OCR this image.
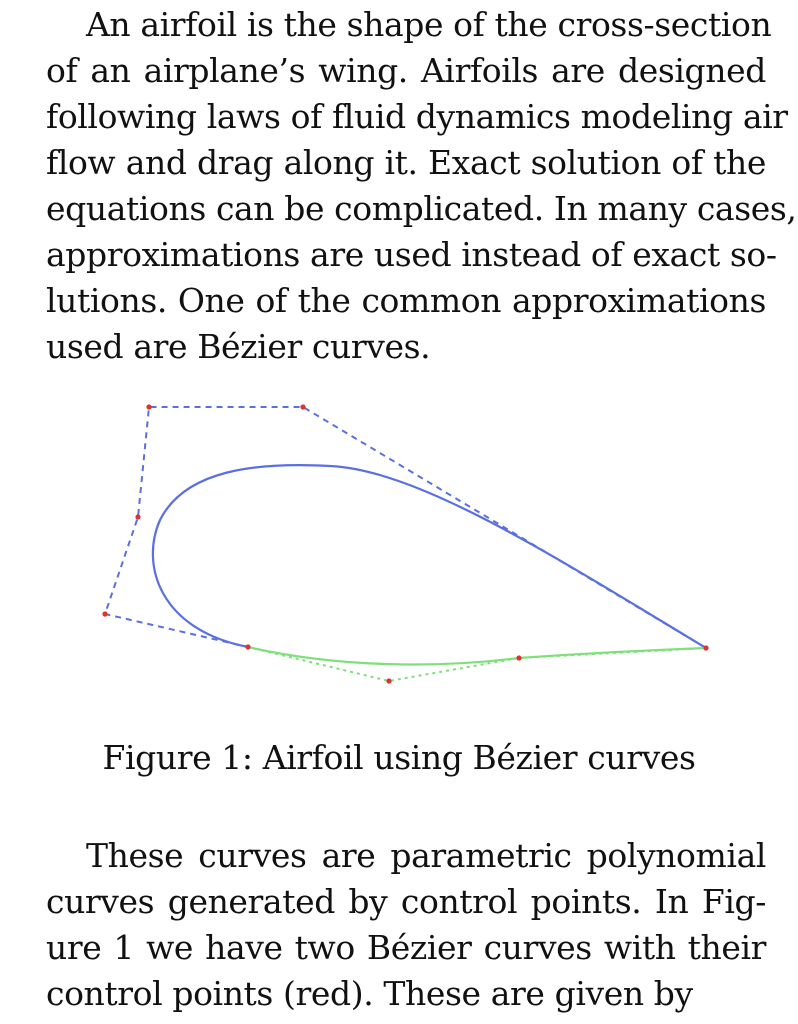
An airfoil is the shape of the cross-section
of an airplane’s wing. Airfoils are designed
following laws of fluid dynamics modeling air
flow and drag along it. Exact solution of the
equations can be complicated. In many cases,
approximations are used instead of exact so-
lutions. One of the common approximations
used are Bézier curves.
Figure 1: Airfoil using Bézier curves
These curves are parametric polynomial
curves generated by control points. In Fig-
ure 1 we have two Bézier curves with their
control points (red). These are given by
